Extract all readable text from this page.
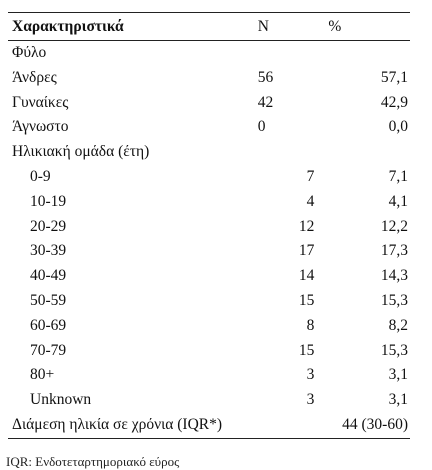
Χαρακτηριστικά	N	%
Φύλο		
Άνδρες	56	57,1
Γυναίκες	42	42,9
Άγνωστο	0	0,0
Ηλικιακή ομάδα (έτη)		
0-9	7	7,1
10-19	4	4,1
20-29	12	12,2
30-39	17	17,3
40-49	14	14,3
50-59	15	15,3
60-69	8	8,2
70-79	15	15,3
80+	3	3,1
Unknown	3	3,1
Διάμεση ηλικία σε χρόνια (IQR*)	44 (30-60)	
IQR: Ενδοτεταρτημοριακό εύρος
